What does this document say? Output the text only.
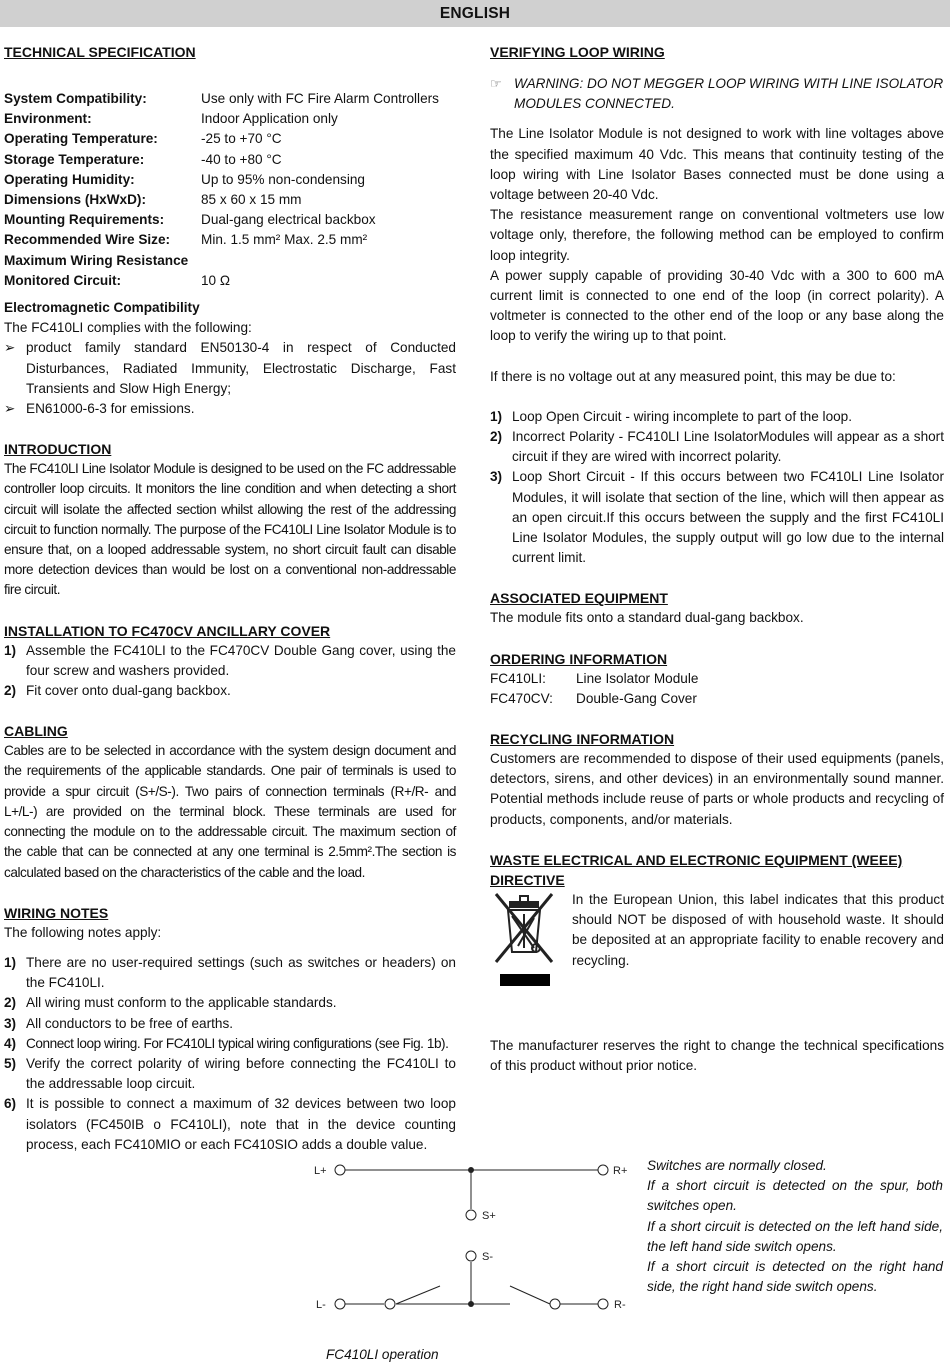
ENGLISH
TECHNICAL SPECIFICATION
System Compatibility:	Use only with FC Fire Alarm Controllers
Environment:	Indoor Application only
Operating Temperature:	-25 to +70 °C
Storage Temperature:	-40 to +80 °C
Operating Humidity:	Up to 95% non-condensing
Dimensions (HxWxD):	85 x 60 x 15 mm
Mounting Requirements:	Dual-gang electrical backbox
Recommended Wire Size:	Min. 1.5 mm² Max. 2.5 mm²
Maximum Wiring Resistance
Monitored Circuit:	10 Ω
Electromagnetic Compatibility

The FC410LI complies with the following:

➢ product family standard EN50130-4 in respect of Conducted Disturbances, Radiated Immunity, Electrostatic Discharge, Fast Transients and Slow High Energy;
➢ EN61000-6-3 for emissions.
INTRODUCTION

The FC410LI Line Isolator Module is designed to be used on the FC addressable controller loop circuits. It monitors the line condition and when detecting a short circuit will isolate the affected section whilst allowing the rest of the addressing circuit to function normally. The purpose of the FC410LI Line Isolator Module is to ensure that, on a looped addressable system, no short circuit fault can disable more detection devices than would be lost on a conventional non-addressable fire circuit.

INSTALLATION TO FC470CV ANCILLARY COVER
1) Assemble the FC410LI to the FC470CV Double Gang cover, using the four screw and washers provided.
2) Fit cover onto dual-gang backbox.
CABLING

Cables are to be selected in accordance with the system design document and the requirements of the applicable standards. One pair of terminals is used to provide a spur circuit (S+/S-). Two pairs of connection terminals (R+/R- and L+/L-) are provided on the terminal block. These terminals are used for connecting the module on to the addressable circuit. The maximum section of the cable that can be connected at any one terminal is 2.5mm².The section is calculated based on the characteristics of the cable and the load.

WIRING NOTES

The following notes apply:

1) There are no user-required settings (such as switches or headers) on the FC410LI.
2) All wiring must conform to the applicable standards.
3) All conductors to be free of earths.
4) Connect loop wiring. For FC410LI typical wiring configurations (see Fig. 1b).
5) Verify the correct polarity of wiring before connecting the FC410LI to the addressable loop circuit.
6) It is possible to connect a maximum of 32 devices between two loop isolators (FC450IB o FC410LI), note that in the device counting process, each FC410MIO or each FC410SIO adds a double value.
VERIFYING LOOP WIRING
☞ WARNING: DO NOT MEGGER LOOP WIRING WITH LINE ISOLATOR MODULES CONNECTED.

The Line Isolator Module is not designed to work with line voltages above the specified maximum 40 Vdc. This means that continuity testing of the loop wiring with Line Isolator Bases connected must be done using a voltage between 20-40 Vdc.

The resistance measurement range on conventional voltmeters use low voltage only, therefore, the following method can be employed to confirm loop integrity.

A power supply capable of providing 30-40 Vdc with a 300 to 600 mA current limit is connected to one end of the loop (in correct polarity). A voltmeter is connected to the other end of the loop or any base along the loop to verify the wiring up to that point.

If there is no voltage out at any measured point, this may be due to:

1) Loop Open Circuit - wiring incomplete to part of the loop.
2) Incorrect Polarity - FC410LI Line IsolatorModules will appear as a short circuit if they are wired with incorrect polarity.
3) Loop Short Circuit - If this occurs between two FC410LI Line Isolator Modules, it will isolate that section of the line, which will then appear as an open circuit.If this occurs between the supply and the first FC410LI Line Isolator Modules, the supply output will go low due to the internal current limit.
ASSOCIATED EQUIPMENT

The module fits onto a standard dual-gang backbox.

ORDERING INFORMATION
FC410LI:	Line Isolator Module
FC470CV:	Double-Gang Cover
RECYCLING INFORMATION

Customers are recommended to dispose of their used equipments (panels, detectors, sirens, and other devices) in an environmentally sound manner. Potential methods include reuse of parts or whole products and recycling of products, components, and/or materials.

WASTE ELECTRICAL AND ELECTRONIC EQUIPMENT (WEEE)
DIRECTIVE

In the European Union, this label indicates that this product should NOT be disposed of with household waste. It should be deposited at an appropriate facility to enable recovery and recycling.

The manufacturer reserves the right to change the technical specifications of this product without prior notice.

L+	R+
S+
S-
L-	R-

Switches are normally closed.

If a short circuit is detected on the spur, both switches open.

If a short circuit is detected on the left hand side, the left hand side switch opens.

If a short circuit is detected on the right hand side, the right hand side switch opens.

FC410LI operation
